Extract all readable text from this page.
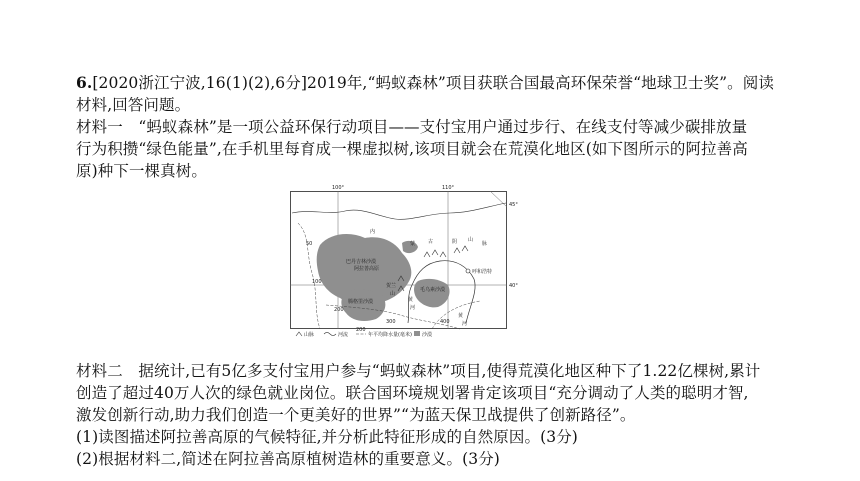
6.[2020浙江宁波,16(1)(2),6分]2019年,“蚂蚁森林”项目获联合国最高环保荣誉“地球卫士奖”。阅读
材料,回答问题。
材料一　“蚂蚁森林”是一项公益环保行动项目——支付宝用户通过步行、在线支付等减少碳排放量
行为积攒“绿色能量”,在手机里每育成一棵虚拟树,该项目就会在荒漠化地区(如下图所示的阿拉善高
原)种下一棵真树。
100°	110°
45°
40°
巴丹吉林沙漠
阿拉善高原
腾格里沙漠
毛乌素沙漠
呼和浩特
内
蒙	古	阴 山
脉
黄
河
贺兰
山
黄
河
50
100
200
400
300
山脉	河流
200
年平均降水量(毫米) 沙漠
材料二　据统计,已有5亿多支付宝用户参与“蚂蚁森林”项目,使得荒漠化地区种下了1.22亿棵树,累计
创造了超过40万人次的绿色就业岗位。联合国环境规划署肯定该项目“充分调动了人类的聪明才智,
激发创新行动,助力我们创造一个更美好的世界”“为蓝天保卫战提供了创新路径”。
(1)读图描述阿拉善高原的气候特征,并分析此特征形成的自然原因。(3分)
(2)根据材料二,简述在阿拉善高原植树造林的重要意义。(3分)
